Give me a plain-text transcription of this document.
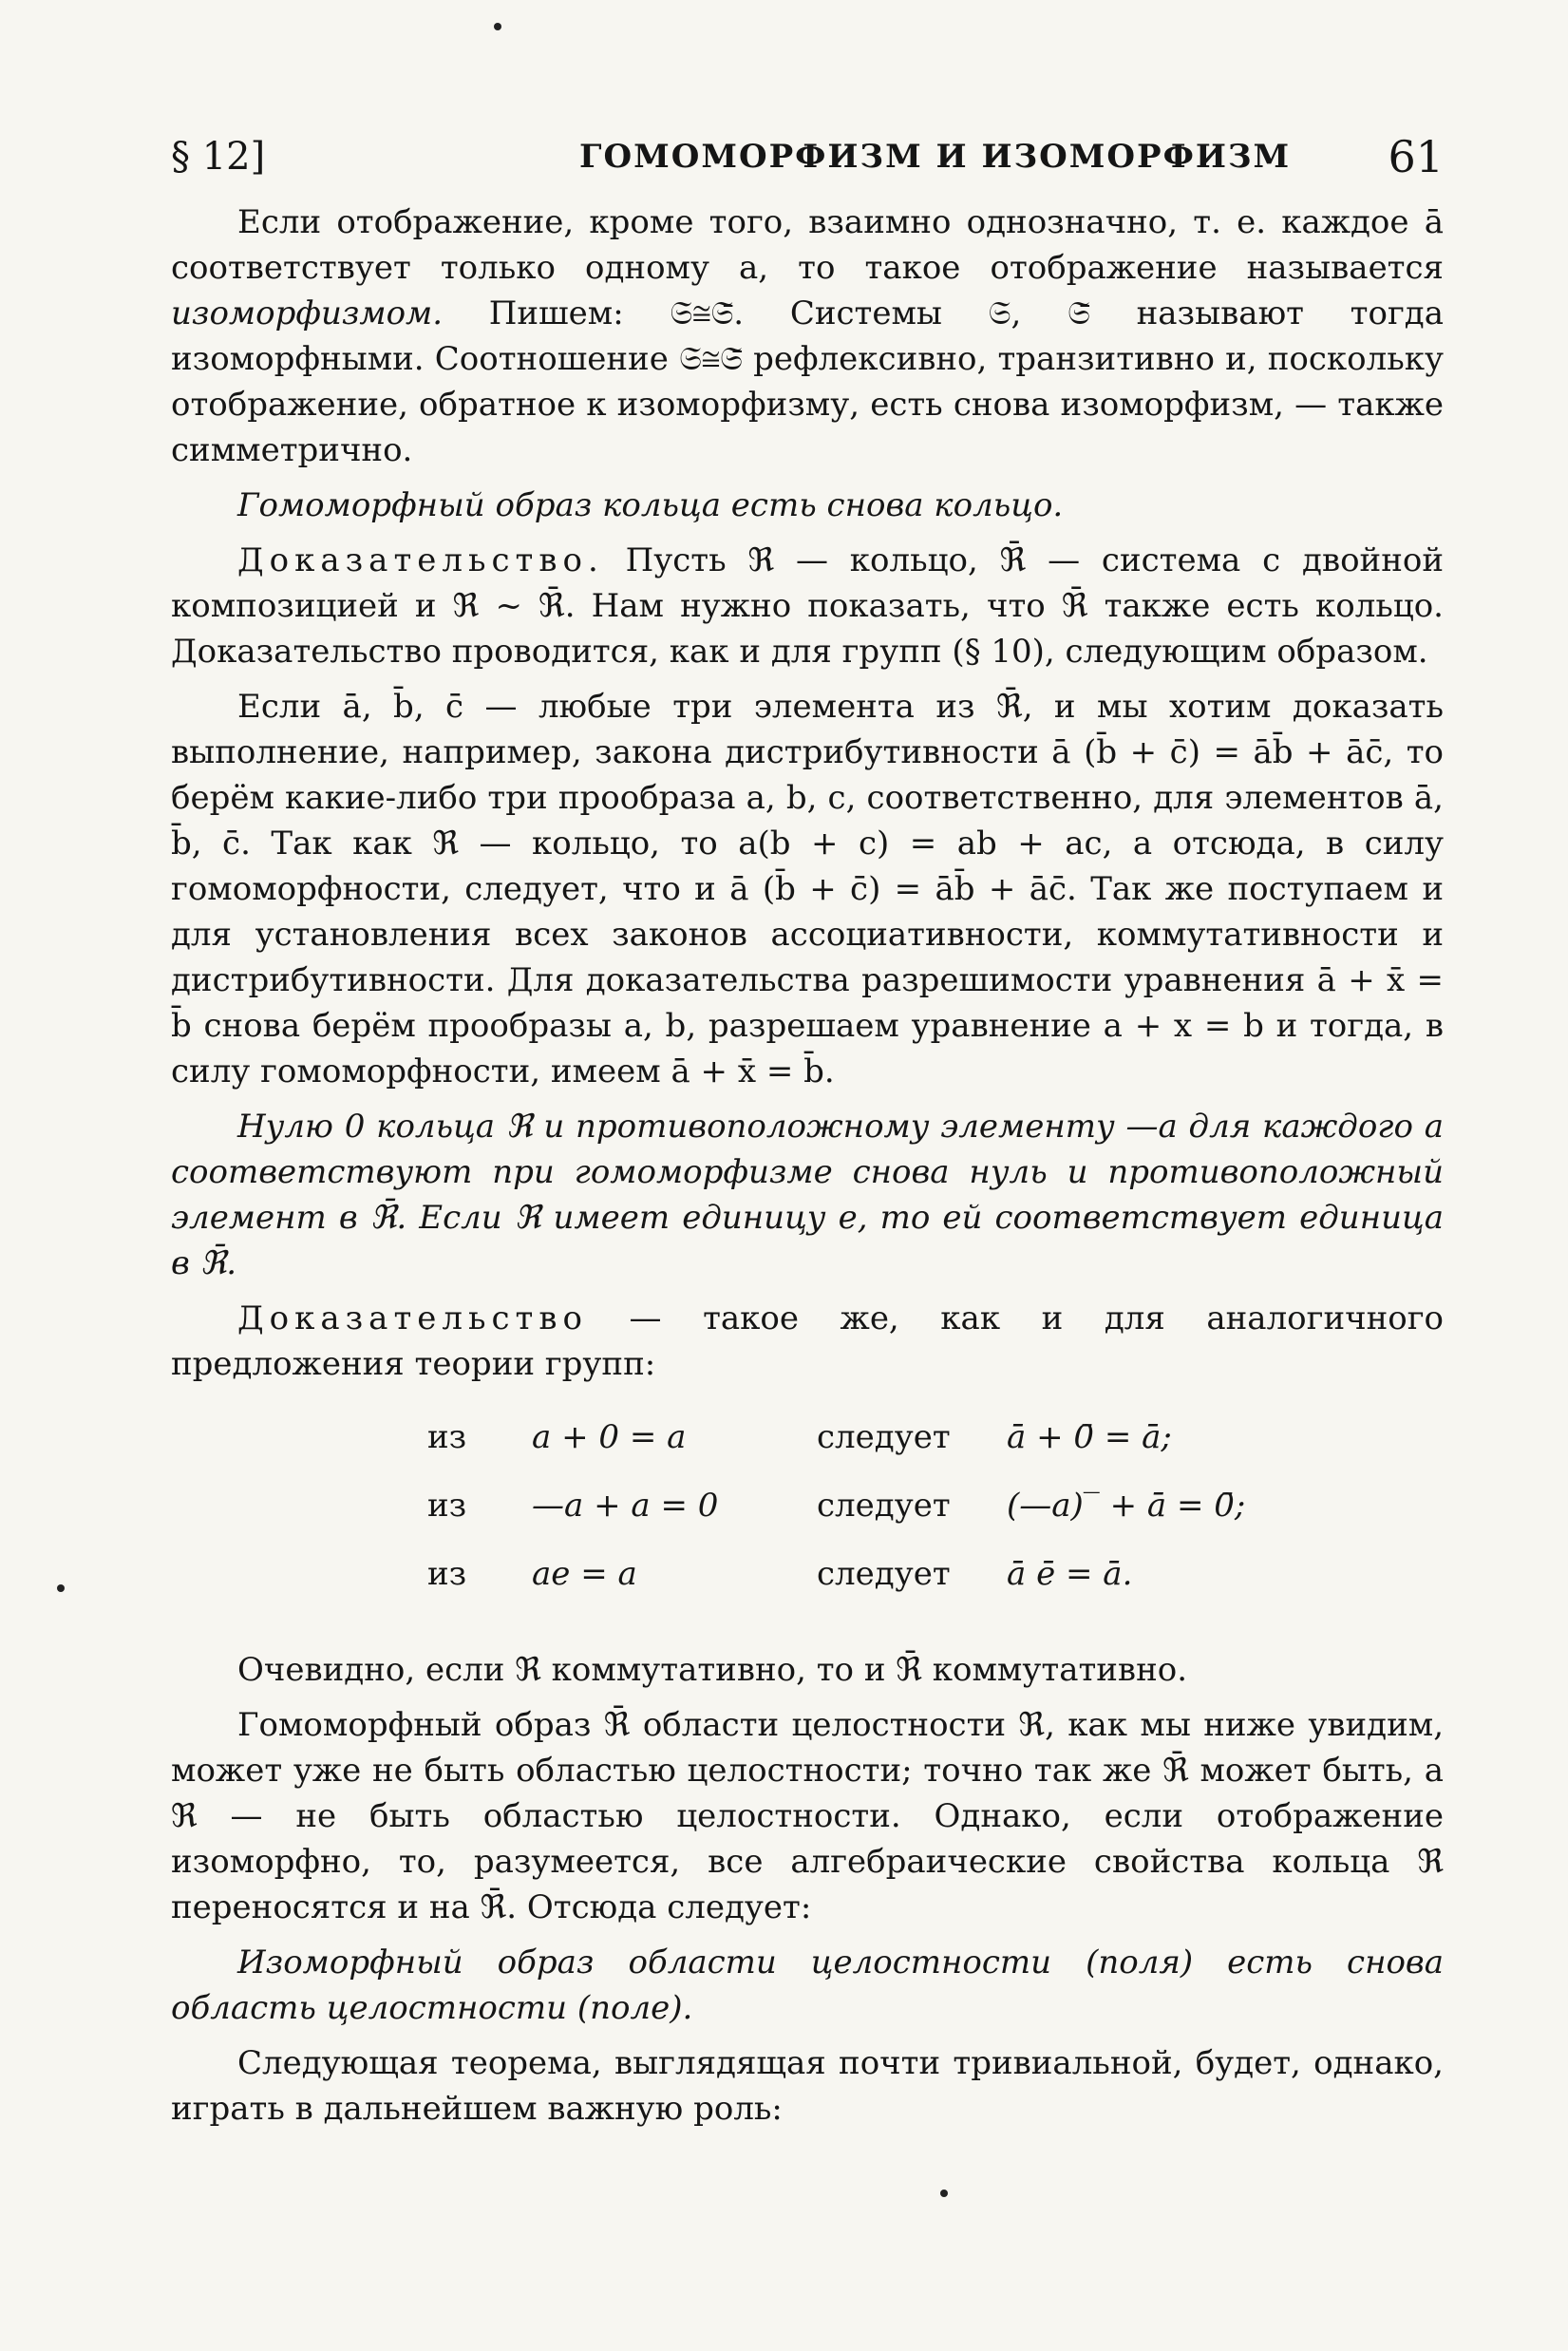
§ 12]	ГОМОМОРФИЗМ И ИЗОМОРФИЗМ 61

Если отображение, кроме того, взаимно однозначно, т. е. каждое ā соответствует только одному a, то такое отображение называется изоморфизмом. Пишем: 𝔖≅𝔖̄. Системы 𝔖, 𝔖̄ называют тогда изоморфными. Соотношение 𝔖≅𝔖̄ рефлексивно, транзитивно и, поскольку отображение, обратное к изоморфизму, есть снова изоморфизм, — также симметрично.

Гомоморфный образ кольца есть снова кольцо.

Доказательство. Пусть ℜ — кольцо, ℜ̄ — система с двойной композицией и ℜ ~ ℜ̄. Нам нужно показать, что ℜ̄ также есть кольцо. Доказательство проводится, как и для групп (§ 10), следующим образом.

Если ā, b̄, c̄ — любые три элемента из ℜ̄, и мы хотим доказать выполнение, например, закона дистрибутивности ā (b̄ + c̄) = āb̄ + āc̄, то берём какие-либо три прообраза a, b, c, соответственно, для элементов ā, b̄, c̄. Так как ℜ — кольцо, то a(b + c) = ab + ac, а отсюда, в силу гомоморфности, следует, что и ā (b̄ + c̄) = āb̄ + āc̄. Так же поступаем и для установления всех законов ассоциативности, коммутативности и дистрибутивности. Для доказательства разрешимости уравнения ā + x̄ = b̄ снова берём прообразы a, b, разрешаем уравнение a + x = b и тогда, в силу гомоморфности, имеем ā + x̄ = b̄.

Нулю 0 кольца ℜ и противоположному элементу —a для каждого a соответствуют при гомоморфизме снова нуль и противоположный элемент в ℜ̄. Если ℜ имеет единицу e, то ей соответствует единица в ℜ̄.

Доказательство — такое же, как и для аналогичного предложения теории групп:

из a + 0 = a	следует ā + 0̄ = ā;
из —a + a = 0	следует (—a)‾ + ā = 0̄;
из ae = a	следует ā ē = ā.

Очевидно, если ℜ коммутативно, то и ℜ̄ коммутативно.

Гомоморфный образ ℜ̄ области целостности ℜ, как мы ниже увидим, может уже не быть областью целостности; точно так же ℜ̄ может быть, а ℜ — не быть областью целостности. Однако, если отображение изоморфно, то, разумеется, все алгебраические свойства кольца ℜ переносятся и на ℜ̄. Отсюда следует:

Изоморфный образ области целостности (поля) есть снова область целостности (поле).

Следующая теорема, выглядящая почти тривиальной, будет, однако, играть в дальнейшем важную роль:
